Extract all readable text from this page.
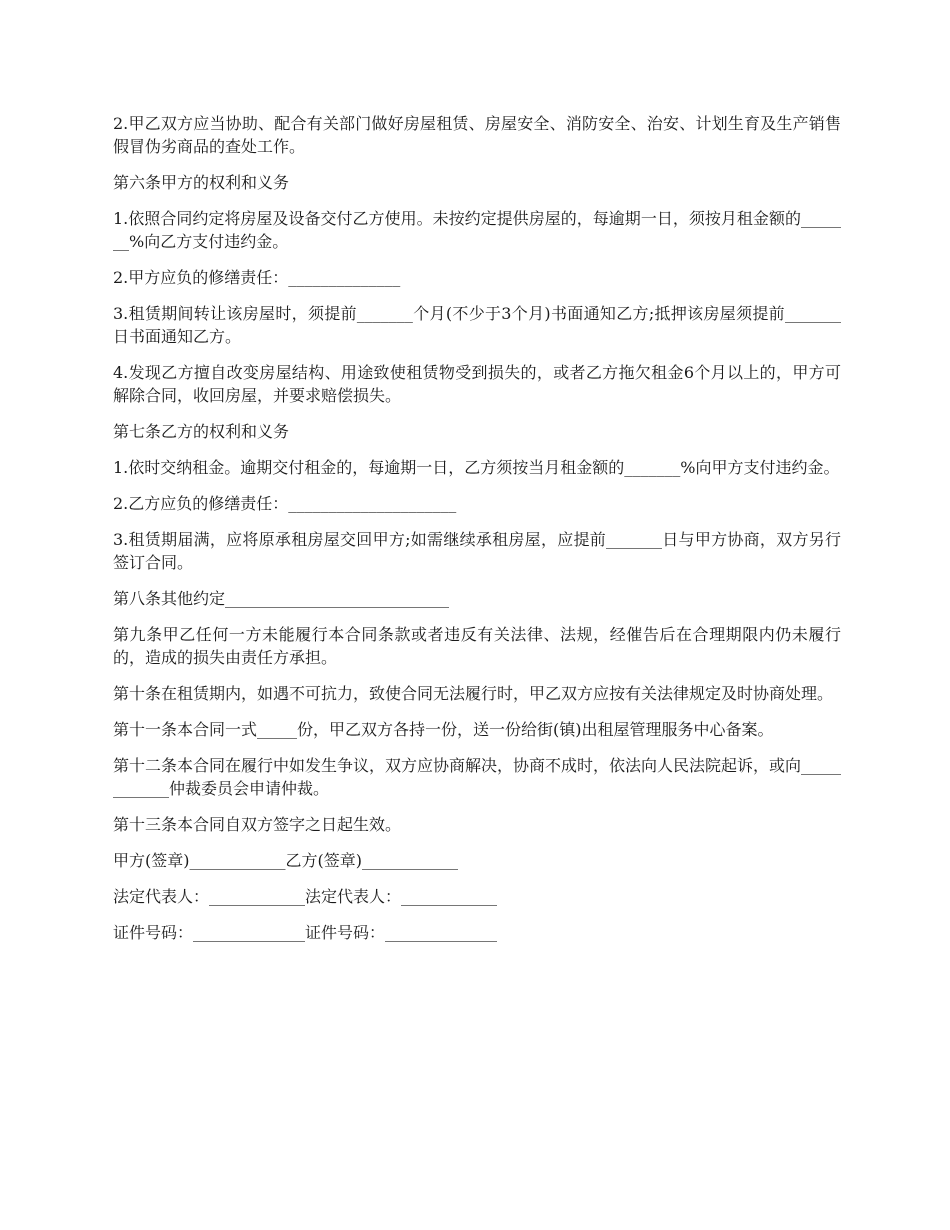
2.甲乙双方应当协助、配合有关部门做好房屋租赁、房屋安全、消防安全、治安、计划生育及生产销售假冒伪劣商品的查处工作。

第六条甲方的权利和义务

1.依照合同约定将房屋及设备交付乙方使用。未按约定提供房屋的，每逾期一日，须按月租金额的_______%向乙方支付违约金。

2.甲方应负的修缮责任：______________

3.租赁期间转让该房屋时，须提前_______个月(不少于3个月)书面通知乙方;抵押该房屋须提前_______日书面通知乙方。

4.发现乙方擅自改变房屋结构、用途致使租赁物受到损失的，或者乙方拖欠租金6个月以上的，甲方可解除合同，收回房屋，并要求赔偿损失。

第七条乙方的权利和义务

1.依时交纳租金。逾期交付租金的，每逾期一日，乙方须按当月租金额的_______%向甲方支付违约金。

2.乙方应负的修缮责任：_____________________

3.租赁期届满，应将原承租房屋交回甲方;如需继续承租房屋，应提前_______日与甲方协商，双方另行签订合同。

第八条其他约定____________________________

第九条甲乙任何一方未能履行本合同条款或者违反有关法律、法规，经催告后在合理期限内仍未履行的，造成的损失由责任方承担。

第十条在租赁期内，如遇不可抗力，致使合同无法履行时，甲乙双方应按有关法律规定及时协商处理。

第十一条本合同一式_____份，甲乙双方各持一份，送一份给街(镇)出租屋管理服务中心备案。

第十二条本合同在履行中如发生争议，双方应协商解决，协商不成时，依法向人民法院起诉，或向____________仲裁委员会申请仲裁。

第十三条本合同自双方签字之日起生效。

甲方(签章)____________乙方(签章)____________

法定代表人：____________法定代表人：____________

证件号码：______________证件号码：______________
